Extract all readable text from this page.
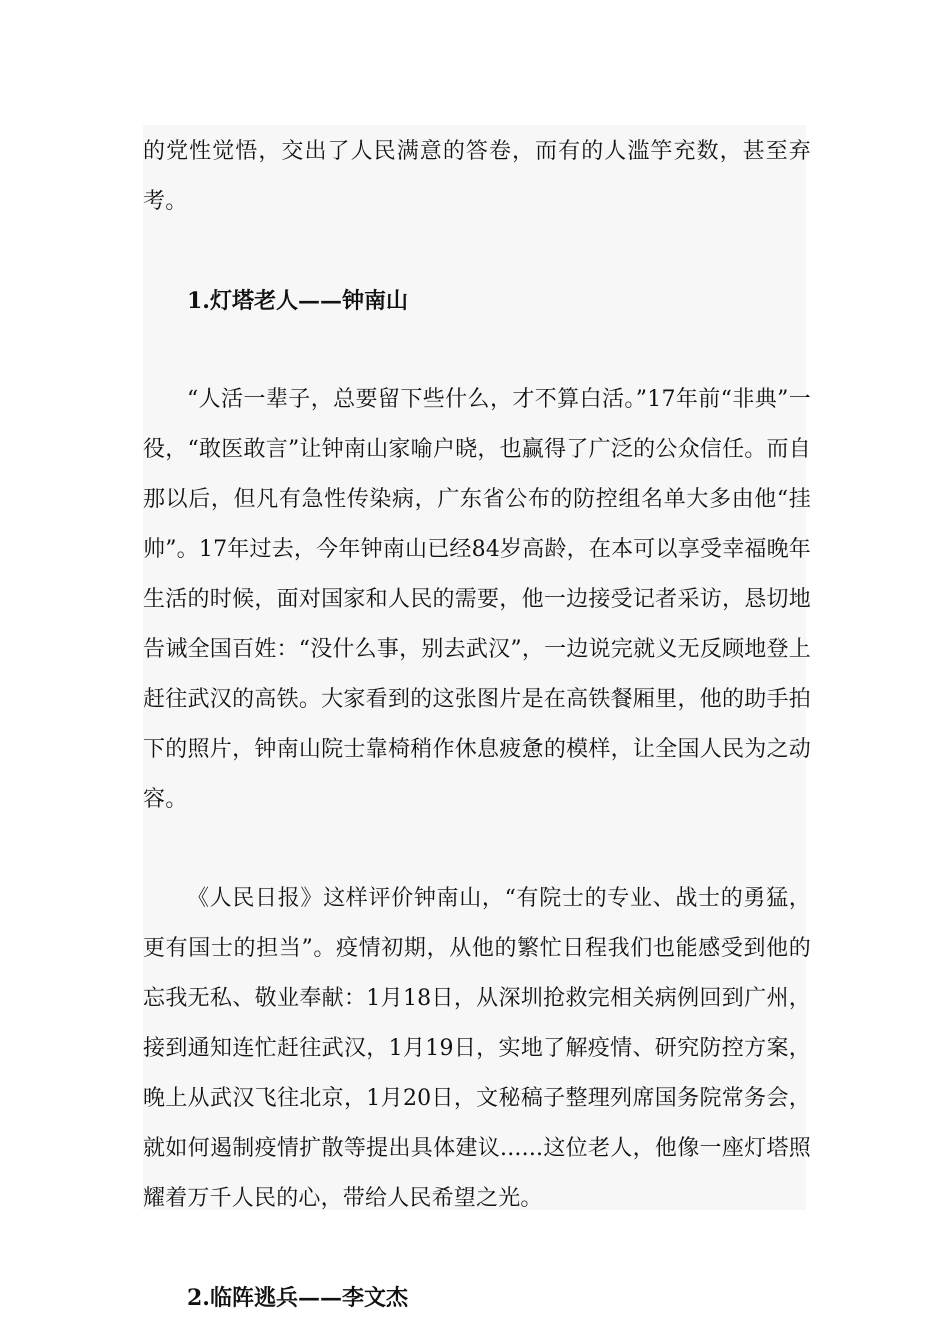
的党性觉悟，交出了人民满意的答卷，而有的人滥竽充数，甚至弃考。

1.灯塔老人——钟南山

“人活一辈子，总要留下些什么，才不算白活。”17年前“非典”一役，“敢医敢言”让钟南山家喻户晓，也赢得了广泛的公众信任。而自那以后，但凡有急性传染病，广东省公布的防控组名单大多由他“挂帅”。17年过去，今年钟南山已经84岁高龄，在本可以享受幸福晚年生活的时候，面对国家和人民的需要，他一边接受记者采访，恳切地告诫全国百姓：“没什么事，别去武汉”，一边说完就义无反顾地登上赶往武汉的高铁。大家看到的这张图片是在高铁餐厢里，他的助手拍下的照片，钟南山院士靠椅稍作休息疲惫的模样，让全国人民为之动容。

《人民日报》这样评价钟南山，“有院士的专业、战士的勇猛，更有国士的担当”。疫情初期，从他的繁忙日程我们也能感受到他的忘我无私、敬业奉献：1月18日，从深圳抢救完相关病例回到广州，接到通知连忙赶往武汉，1月19日，实地了解疫情、研究防控方案，晚上从武汉飞往北京，1月20日，文秘稿子整理列席国务院常务会，就如何遏制疫情扩散等提出具体建议......这位老人，他像一座灯塔照耀着万千人民的心，带给人民希望之光。

2.临阵逃兵——李文杰
